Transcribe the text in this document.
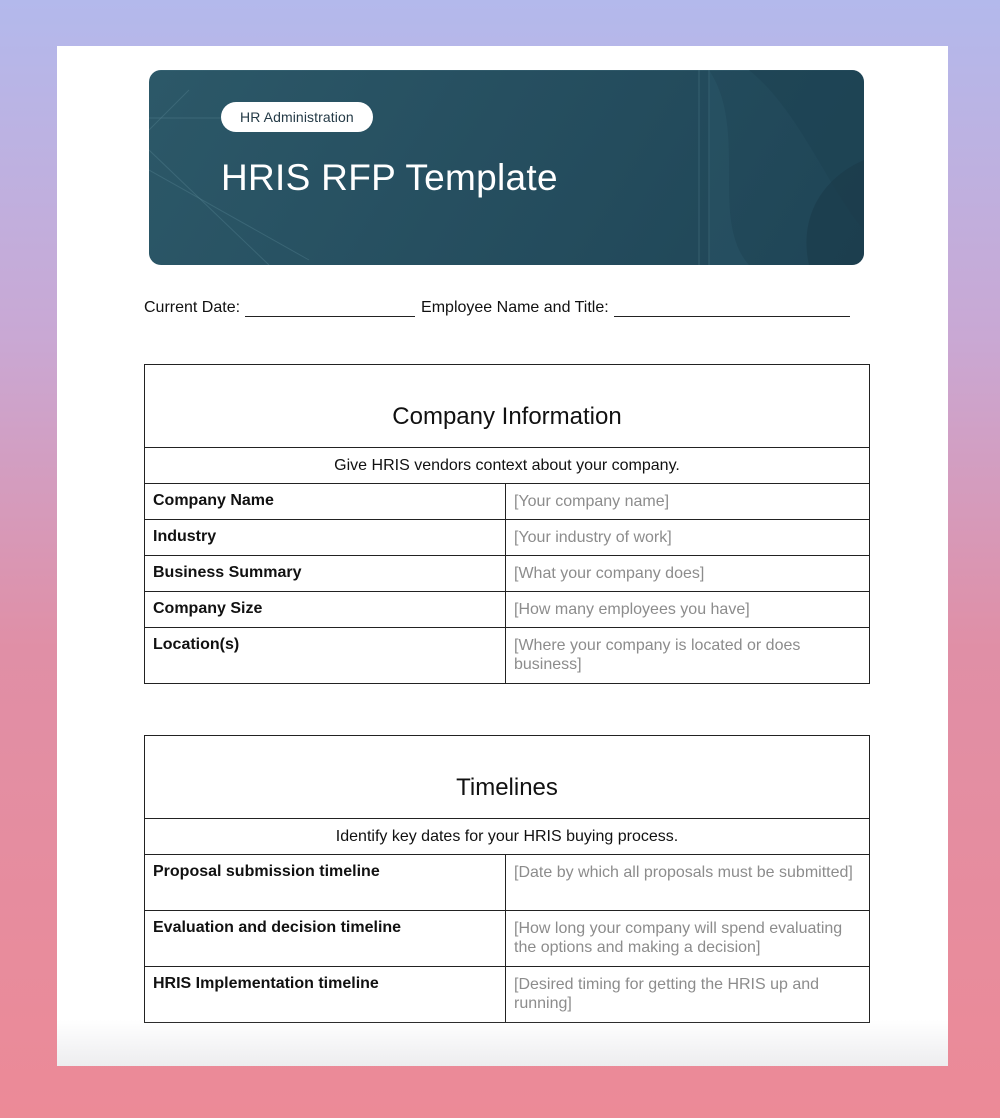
HR Administration
HRIS RFP Template
Current Date:	Employee Name and Title:
Company Information	

Give HRIS vendors context about your company.	
Company Name	[Your company name]
Industry	[Your industry of work]
Business Summary	[What your company does]
Company Size	[How many employees you have]
Location(s)	[Where your company is located or does business]
Timelines	

Identify key dates for your HRIS buying process.	
Proposal submission timeline	[Date by which all proposals must be submitted]
Evaluation and decision timeline	[How long your company will spend evaluating the options and making a decision]
HRIS Implementation timeline	[Desired timing for getting the HRIS up and running]
